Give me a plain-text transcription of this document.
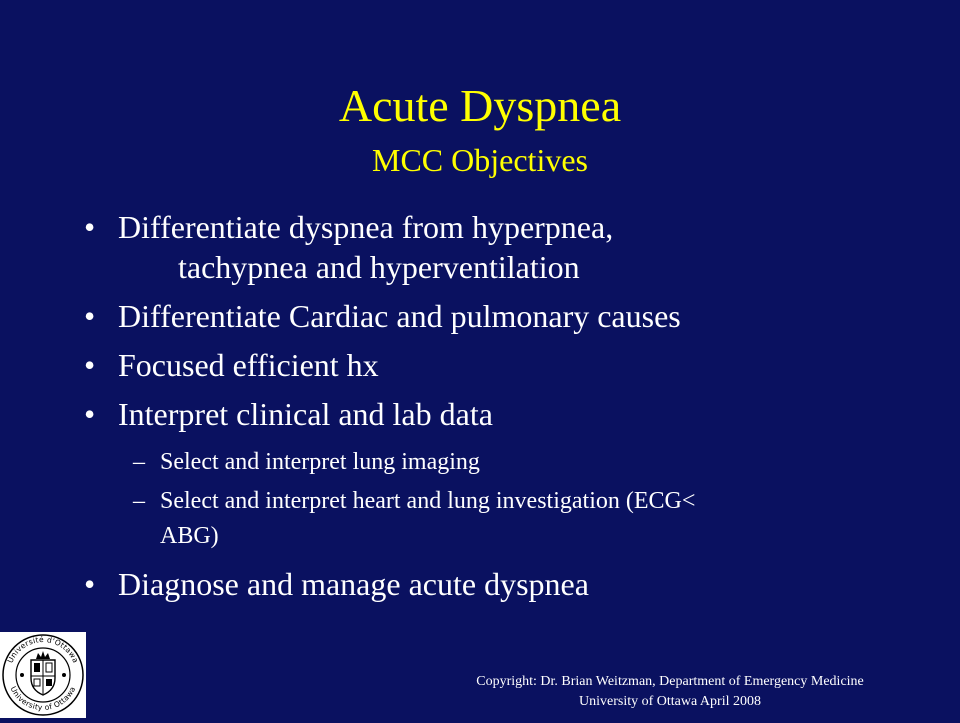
Acute Dyspnea
MCC Objectives
• Differentiate dyspnea from hyperpnea,
tachypnea and hyperventilation
• Differentiate Cardiac and pulmonary causes
• Focused efficient hx
• Interpret clinical and lab data
– Select and interpret lung imaging
– Select and interpret heart and lung investigation (ECG<
ABG)
• Diagnose and manage acute dyspnea
Université d'Ottawa
University of Ottawa
Copyright: Dr. Brian Weitzman, Department of Emergency Medicine
University of Ottawa April 2008
